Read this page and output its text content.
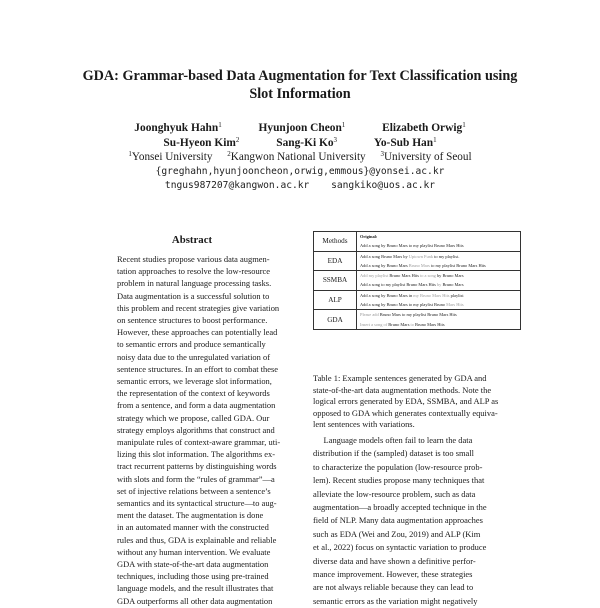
GDA: Grammar-based Data Augmentation for Text Classification using
Slot Information
Joonghyuk Hahn$^1$	Hyunjoon Cheon$^1$	Elizabeth Orwig$^1$
Su-Hyeon Kim$^2$	Sang-Ki Ko$^3$	Yo-Sub Han$^1$
$^1$Yonsei University $^2$Kangwon National University $^3$University of Seoul
{greghahn,hyunjooncheon,orwig,emmous}@yonsei.ac.kr
tngus987207@kangwon.ac.kr sangkiko@uos.ac.kr
Abstract
Recent studies propose various data augmen-
tation approaches to resolve the low-resource
problem in natural language processing tasks.
Data augmentation is a successful solution to
this problem and recent strategies give variation
on sentence structures to boost performance.
However, these approaches can potentially lead
to semantic errors and produce semantically
noisy data due to the unregulated variation of
sentence structures. In an effort to combat these
semantic errors, we leverage slot information,
the representation of the context of keywords
from a sentence, and form a data augmentation
strategy which we propose, called GDA. Our
strategy employs algorithms that construct and
manipulate rules of context-aware grammar, uti-
lizing this slot information. The algorithms ex-
tract recurrent patterns by distinguishing words
with slots and form the “rules of grammar”—a
set of injective relations between a sentence’s
semantics and its syntactical structure—to aug-
ment the dataset. The augmentation is done
in an automated manner with the constructed
rules and thus, GDA is explainable and reliable
without any human intervention. We evaluate
GDA with state-of-the-art data augmentation
techniques, including those using pre-trained
language models, and the result illustrates that
GDA outperforms all other data augmentation
Methods	Original:
Add a song by Bruno Mars to my playlist Bruno Mars Hits

EDA	Add a song Bruno Mars by Uptown Funk to my playlist.
Add a song by Bruno Mars Bruno Mars to my playlist Bruno Mars Hits

SSMBA	Add my playlist Bruno Mars Hits to a song by Bruno Mars
Add a song to my playlist Bruno Mars Hits by Bruno Mars

ALP	Add a song by Bruno Mars in my Bruno Mars Hits playlist
Add a song by Bruno Mars to my playlist Bruno Mars Hits

GDA	Please add Bruno Mars to my playlist Bruno Mars Hits
Insert a song of Bruno Mars to Bruno Mars Hits
Table 1: Example sentences generated by GDA and
state-of-the-art data augmentation methods. Note the
logical errors generated by EDA, SSMBA, and ALP as
opposed to GDA which generates contextually equiva-
lent sentences with variations.
Language models often fail to learn the data
distribution if the (sampled) dataset is too small
to characterize the population (low-resource prob-
lem). Recent studies propose many techniques that
alleviate the low-resource problem, such as data
augmentation—a broadly accepted technique in the
field of NLP. Many data augmentation approaches
such as EDA (Wei and Zou, 2019) and ALP (Kim
et al., 2022) focus on syntactic variation to produce
diverse data and have shown a definitive perfor-
mance improvement. However, these strategies
are not always reliable because they can lead to
semantic errors as the variation might negatively
